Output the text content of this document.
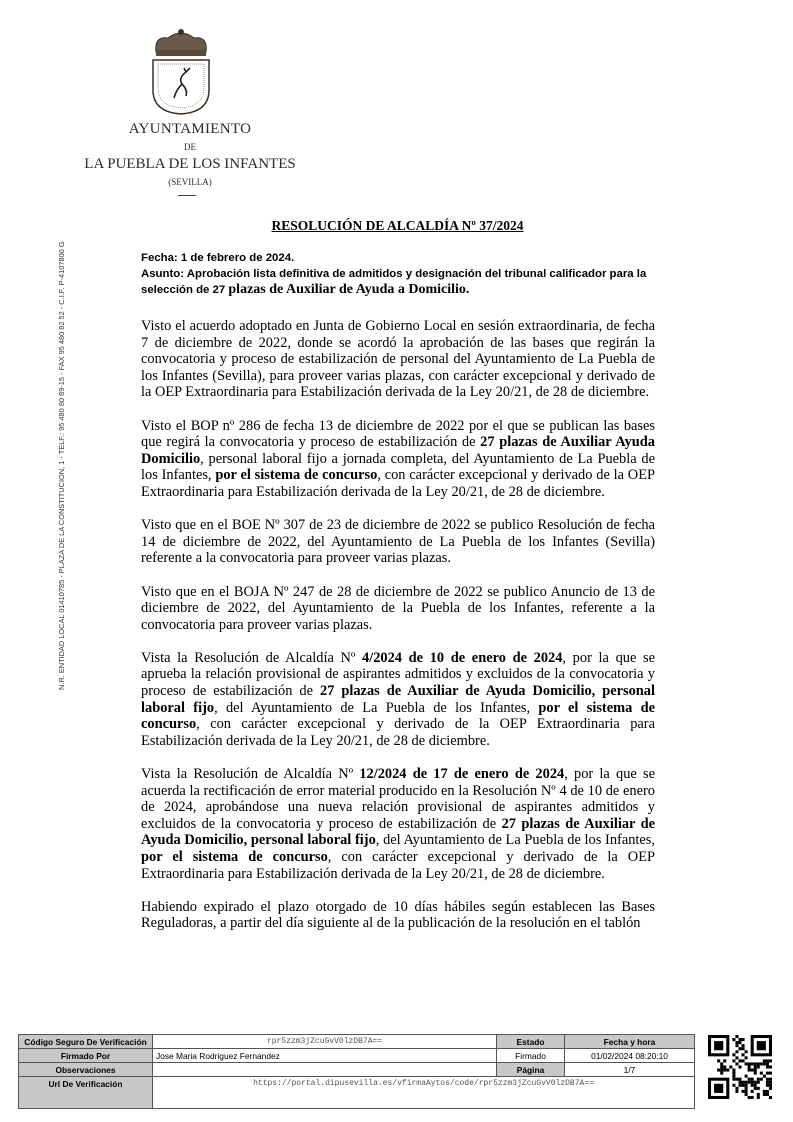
AYUNTAMIENTO
DE
LA PUEBLA DE LOS INFANTES
(SEVILLA)
N.R. ENTIDAD LOCAL 01410785 - PLAZA DE LA CONSTITUCION, 1 - TELF.: 95 480 80 89-15 - FAX 95 480 82 52 - C.I.F. P-4107800 G
RESOLUCIÓN DE ALCALDÍA Nº 37/2024
Fecha: 1 de febrero de 2024.
Asunto: Aprobación lista definitiva de admitidos y designación del tribunal calificador para la selección de 27 plazas de Auxiliar de Ayuda a Domicilio.

Visto el acuerdo adoptado en Junta de Gobierno Local en sesión extraordinaria, de fecha 7 de diciembre de 2022, donde se acordó la aprobación de las bases que regirán la convocatoria y proceso de estabilización de personal del Ayuntamiento de La Puebla de los Infantes (Sevilla), para proveer varias plazas, con carácter excepcional y derivado de la OEP Extraordinaria para Estabilización derivada de la Ley 20/21, de 28 de diciembre.

Visto el BOP nº 286 de fecha 13 de diciembre de 2022 por el que se publican las bases que regirá la convocatoria y proceso de estabilización de 27 plazas de Auxiliar Ayuda Domicilio, personal laboral fijo a jornada completa, del Ayuntamiento de La Puebla de los Infantes, por el sistema de concurso, con carácter excepcional y derivado de la OEP Extraordinaria para Estabilización derivada de la Ley 20/21, de 28 de diciembre.

Visto que en el BOE Nº 307 de 23 de diciembre de 2022 se publico Resolución de fecha 14 de diciembre de 2022, del Ayuntamiento de La Puebla de los Infantes (Sevilla) referente a la convocatoria para proveer varias plazas.

Visto que en el BOJA Nº 247 de 28 de diciembre de 2022 se publico Anuncio de 13 de diciembre de 2022, del Ayuntamiento de la Puebla de los Infantes, referente a la convocatoria para proveer varias plazas.

Vista la Resolución de Alcaldía Nº 4/2024 de 10 de enero de 2024, por la que se aprueba la relación provisional de aspirantes admitidos y excluidos de la convocatoria y proceso de estabilización de 27 plazas de Auxiliar de Ayuda Domicilio, personal laboral fijo, del Ayuntamiento de La Puebla de los Infantes, por el sistema de concurso, con carácter excepcional y derivado de la OEP Extraordinaria para Estabilización derivada de la Ley 20/21, de 28 de diciembre.

Vista la Resolución de Alcaldía Nº 12/2024 de 17 de enero de 2024, por la que se acuerda la rectificación de error material producido en la Resolución Nº 4 de 10 de enero de 2024, aprobándose una nueva relación provisional de aspirantes admitidos y excluidos de la convocatoria y proceso de estabilización de 27 plazas de Auxiliar de Ayuda Domicilio, personal laboral fijo, del Ayuntamiento de La Puebla de los Infantes, por el sistema de concurso, con carácter excepcional y derivado de la OEP Extraordinaria para Estabilización derivada de la Ley 20/21, de 28 de diciembre.

Habiendo expirado el plazo otorgado de 10 días hábiles según establecen las Bases Reguladoras, a partir del día siguiente al de la publicación de la resolución en el tablón

Código Seguro De Verificación	rpr5zzm3jZcuGvV0lzDB7A==	Estado	Fecha y hora
Firmado Por	Jose Maria Rodriguez Fernandez	Firmado	01/02/2024 08:20:10
Observaciones		Página	1/7
Url De Verificación	https://portal.dipusevilla.es/vfirmaAytos/code/rpr5zzm3jZcuGvV0lzDB7A==		
